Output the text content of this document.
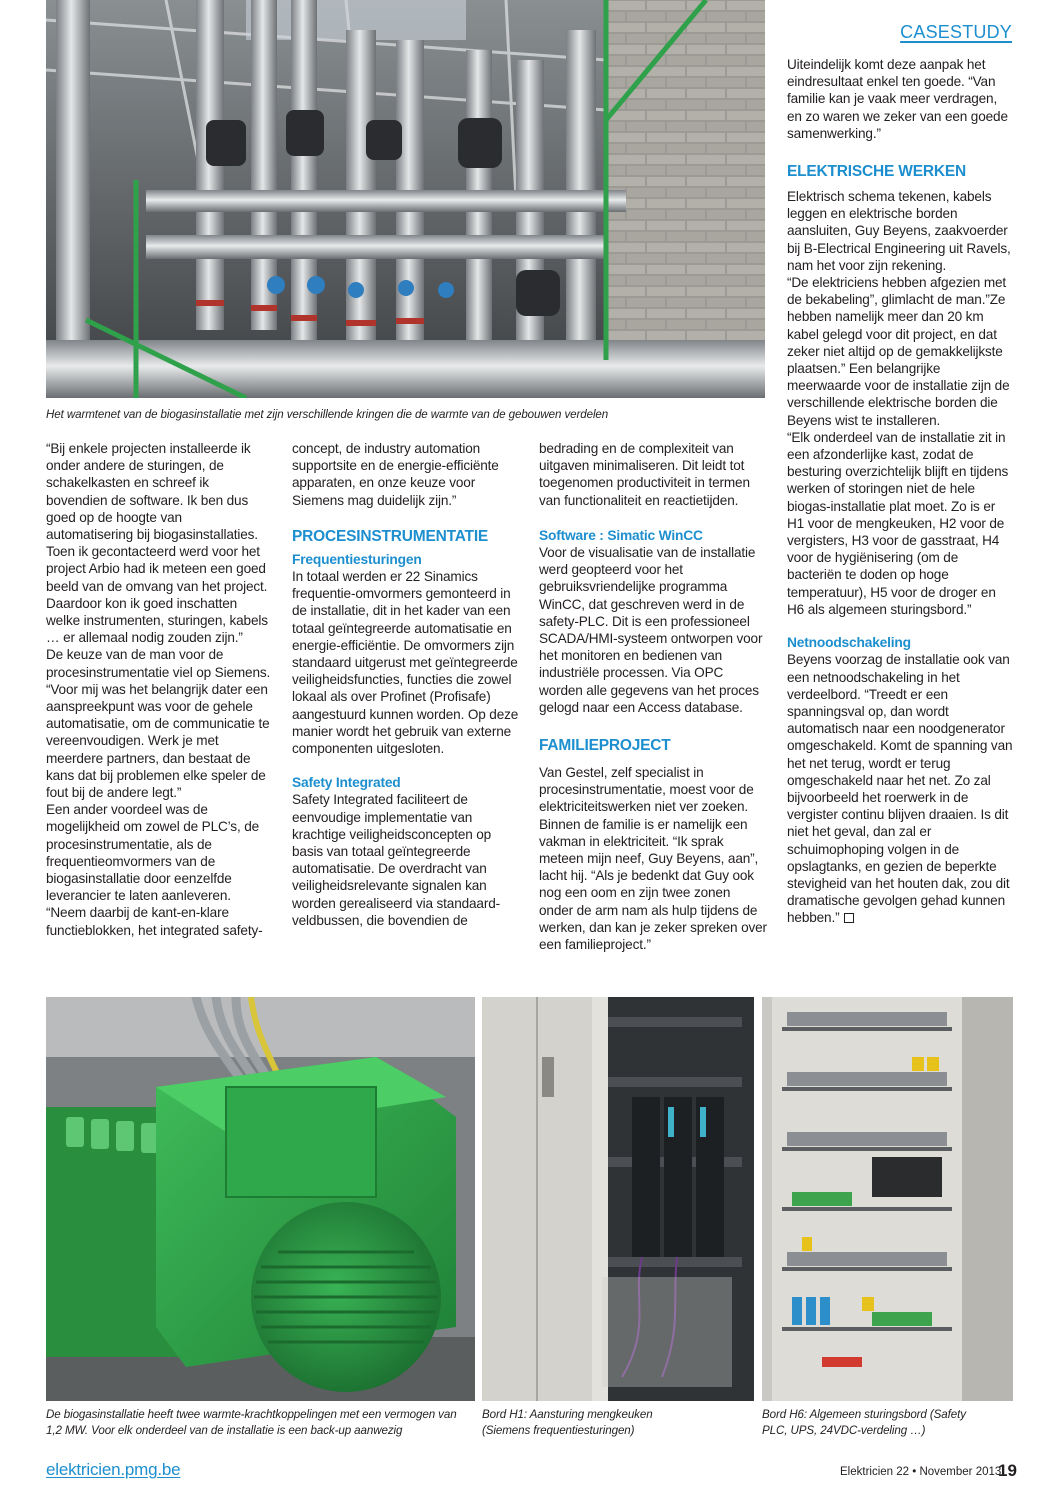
CASESTUDY
Het warmtenet van de biogasinstallatie met zijn verschillende kringen die de warmte van de gebouwen verdelen

“Bij enkele projecten installeerde ik onder andere de sturingen, de schakelkasten en schreef ik bovendien de software. Ik ben dus goed op de hoogte van automatisering bij biogasinstallaties.

Toen ik gecontacteerd werd voor het project Arbio had ik meteen een goed beeld van de omvang van het project. Daardoor kon ik goed inschatten welke instrumenten, sturingen, kabels … er allemaal nodig zouden zijn.”

De keuze van de man voor de procesinstrumentatie viel op Siemens. “Voor mij was het belangrijk dater een aanspreekpunt was voor de gehele automatisatie, om de communicatie te vereenvoudigen. Werk je met meerdere partners, dan bestaat de kans dat bij problemen elke speler de fout bij de andere legt.”

Een ander voordeel was de mogelijkheid om zowel de PLC’s, de procesinstrumentatie, als de frequentieomvormers van de biogasinstallatie door eenzelfde leverancier te laten aanleveren. “Neem daarbij de kant-en-klare functieblokken, het integrated safety-

concept, de industry automation supportsite en de energie-efficiënte apparaten, en onze keuze voor Siemens mag duidelijk zijn.”

PROCESINSTRUMENTATIE
Frequentiesturingen

In totaal werden er 22 Sinamics frequentie-omvormers gemonteerd in de installatie, dit in het kader van een totaal geïntegreerde automatisatie en energie-efficiëntie. De omvormers zijn standaard uitgerust met geïntegreerde veiligheidsfuncties, functies die zowel lokaal als over Profinet (Profisafe) aangestuurd kunnen worden. Op deze manier wordt het gebruik van externe componenten uitgesloten.

Safety Integrated

Safety Integrated faciliteert de eenvoudige implementatie van krachtige veiligheidsconcepten op basis van totaal geïntegreerde automatisatie. De overdracht van veiligheidsrelevante signalen kan worden gerealiseerd via standaard-veldbussen, die bovendien de

bedrading en de complexiteit van uitgaven minimaliseren. Dit leidt tot toegenomen productiviteit in termen van functionaliteit en reactietijden.

Software : Simatic WinCC

Voor de visualisatie van de installatie werd geopteerd voor het gebruiksvriendelijke programma WinCC, dat geschreven werd in de safety-PLC. Dit is een professioneel SCADA/HMI-systeem ontworpen voor het monitoren en bedienen van industriële processen. Via OPC worden alle gegevens van het proces gelogd naar een Access database.

FAMILIEPROJECT

Van Gestel, zelf specialist in procesinstrumentatie, moest voor de elektriciteitswerken niet ver zoeken. Binnen de familie is er namelijk een vakman in elektriciteit. “Ik sprak meteen mijn neef, Guy Beyens, aan”, lacht hij. “Als je bedenkt dat Guy ook nog een oom en zijn twee zonen onder de arm nam als hulp tijdens de werken, dan kan je zeker spreken over een familieproject.”

Uiteindelijk komt deze aanpak het eindresultaat enkel ten goede. “Van familie kan je vaak meer verdragen, en zo waren we zeker van een goede samenwerking.”

ELEKTRISCHE WERKEN

Elektrisch schema tekenen, kabels leggen en elektrische borden aansluiten, Guy Beyens, zaakvoerder bij B-Electrical Engineering uit Ravels, nam het voor zijn rekening.

“De elektriciens hebben afgezien met de bekabeling”, glimlacht de man.”Ze hebben namelijk meer dan 20 km kabel gelegd voor dit project, en dat zeker niet altijd op de gemakkelijkste plaatsen.” Een belangrijke meerwaarde voor de installatie zijn de verschillende elektrische borden die Beyens wist te installeren.

“Elk onderdeel van de installatie zit in een afzonderlijke kast, zodat de besturing overzichtelijk blijft en tijdens werken of storingen niet de hele biogas-installatie plat moet. Zo is er H1 voor de mengkeuken, H2 voor de vergisters, H3 voor de gasstraat, H4 voor de hygiënisering (om de bacteriën te doden op hoge temperatuur), H5 voor de droger en H6 als algemeen sturingsbord.”

Netnoodschakeling

Beyens voorzag de installatie ook van een netnoodschakeling in het verdeelbord. “Treedt er een spanningsval op, dan wordt automatisch naar een noodgenerator omgeschakeld. Komt de spanning van het net terug, wordt er terug omgeschakeld naar het net. Zo zal bijvoorbeeld het roerwerk in de vergister continu blijven draaien. Is dit niet het geval, dan zal er schuimophoping volgen in de opslagtanks, en gezien de beperkte stevigheid van het houten dak, zou dit dramatische gevolgen gehad kunnen hebben.”

De biogasinstallatie heeft twee warmte-krachtkoppelingen met een vermogen van 1,2 MW. Voor elk onderdeel van de installatie is een back-up aanwezig
Bord H1: Aansturing mengkeuken (Siemens frequentiesturingen)
Bord H6: Algemeen sturingsbord (Safety PLC, UPS, 24VDC-verdeling …)
elektricien.pmg.be	Elektricien 22 • November 2013
19
